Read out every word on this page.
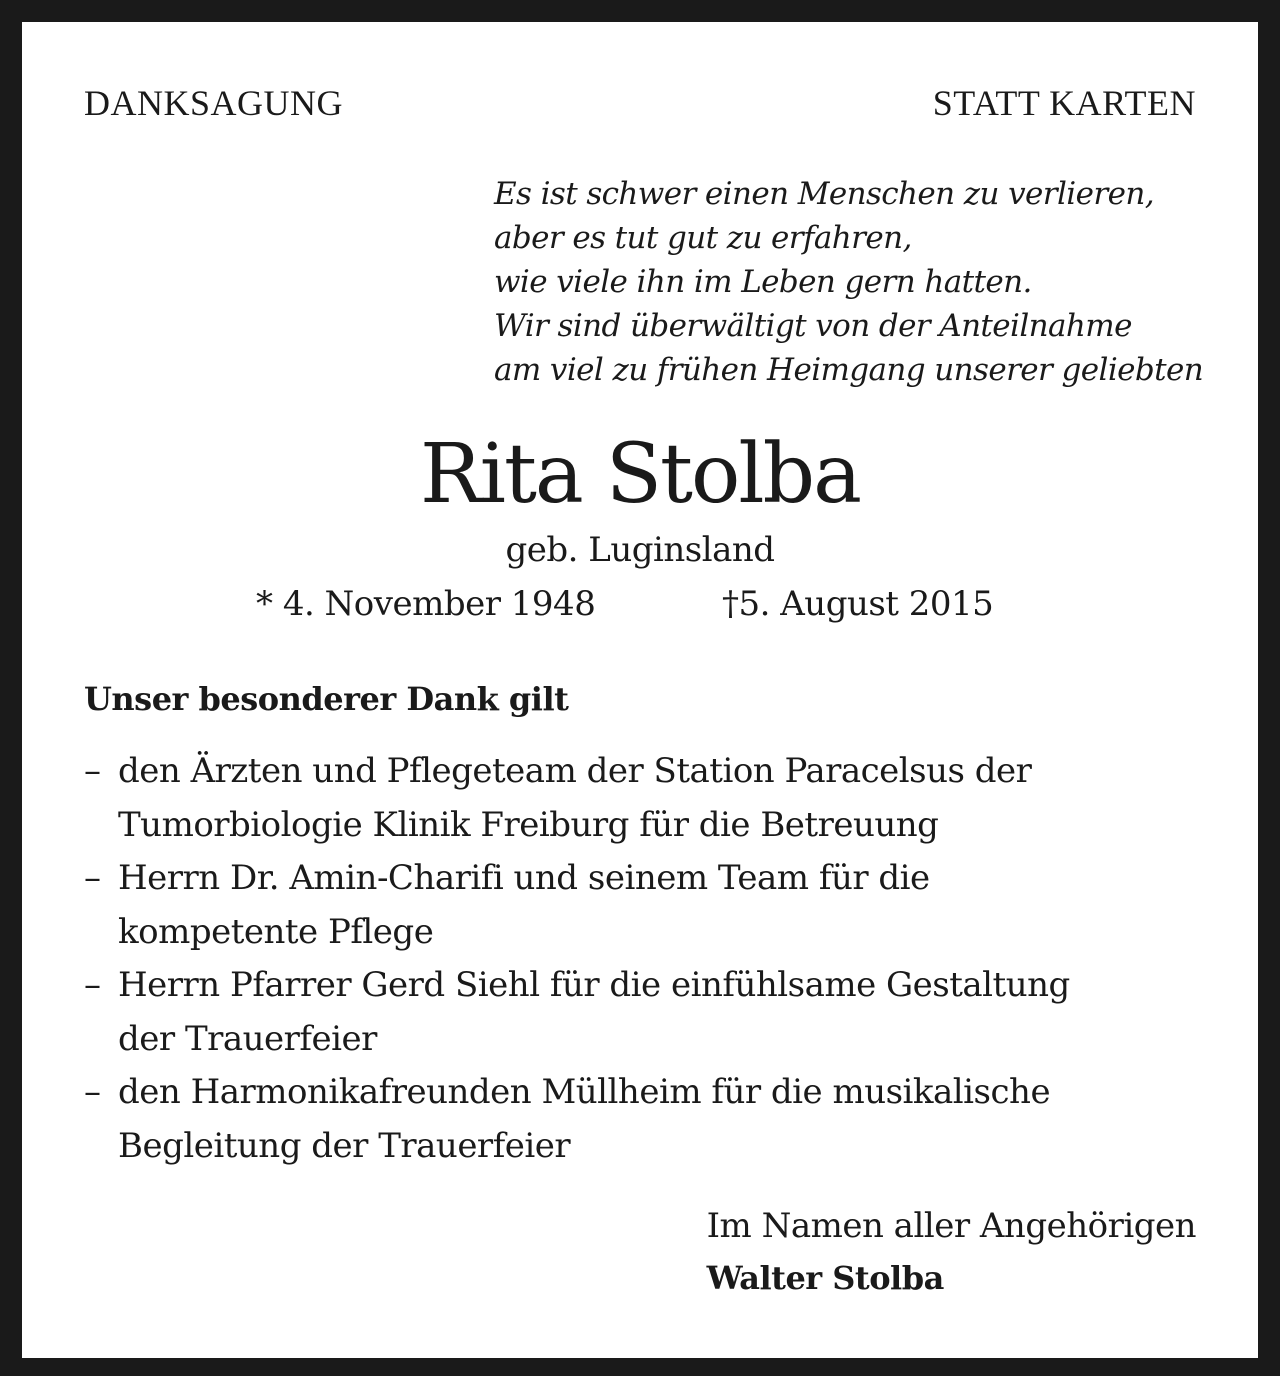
DANKSAGUNG	STATT KARTEN
Es ist schwer einen Menschen zu verlieren,
aber es tut gut zu erfahren,
wie viele ihn im Leben gern hatten.
Wir sind überwältigt von der Anteilnahme
am viel zu frühen Heimgang unserer geliebten
Rita Stolba
geb. Luginsland
* 4. November 1948	†5. August 2015
Unser besonderer Dank gilt
– den Ärzten und Pflegeteam der Station Paracelsus der
Tumorbiologie Klinik Freiburg für die Betreuung
– Herrn Dr. Amin-Charifi und seinem Team für die
kompetente Pflege
– Herrn Pfarrer Gerd Siehl für die einfühlsame Gestaltung
der Trauerfeier
– den Harmonikafreunden Müllheim für die musikalische
Begleitung der Trauerfeier
Im Namen aller Angehörigen
Walter Stolba
